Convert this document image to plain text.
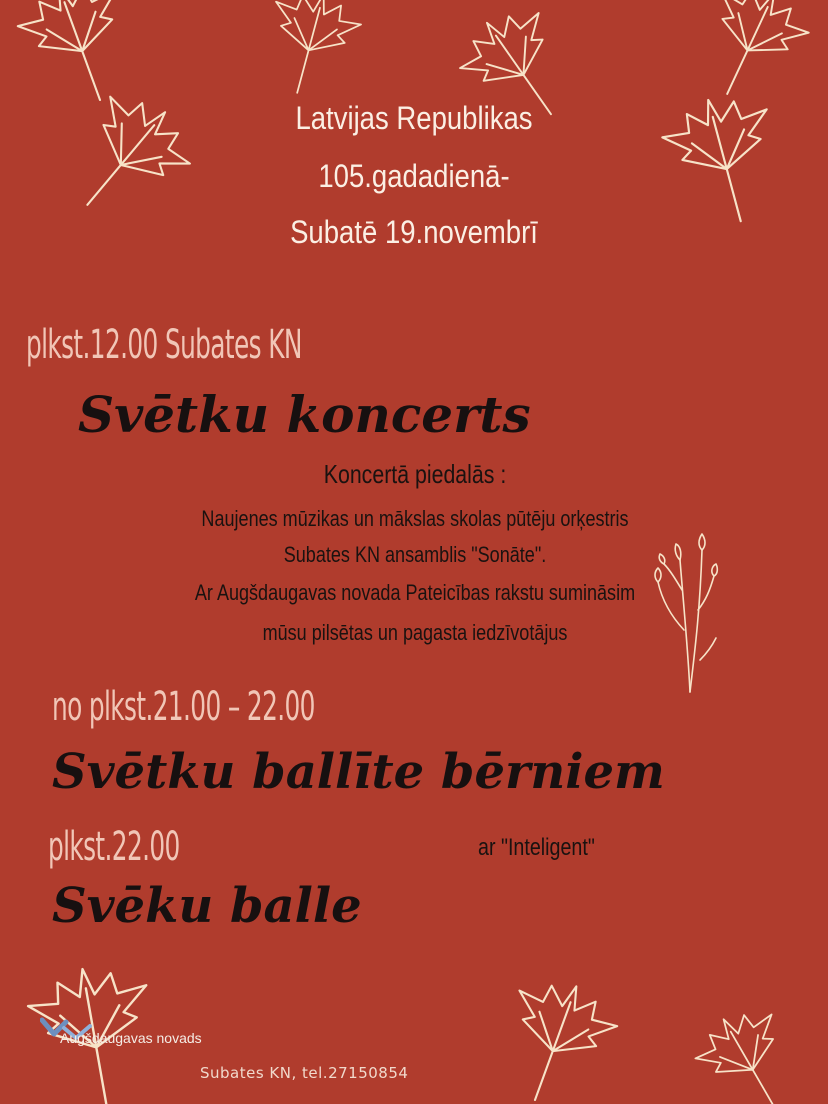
Latvijas Republikas
105.gadadienā-
Subatē 19.novembrī
plkst.12.00 Subates KN
Svētku koncerts
Koncertā piedalās :
Naujenes mūzikas un mākslas skolas pūtēju orķestris
Subates KN ansamblis "Sonāte".
Ar Augšdaugavas novada Pateicības rakstu sumināsim
mūsu pilsētas un pagasta iedzīvotājus
no plkst.21.00 – 22.00
Svētku ballīte bērniem
plkst.22.00	ar "Inteligent"
Svēku balle
Augšdaugavas novads
Subates KN, tel.27150854
